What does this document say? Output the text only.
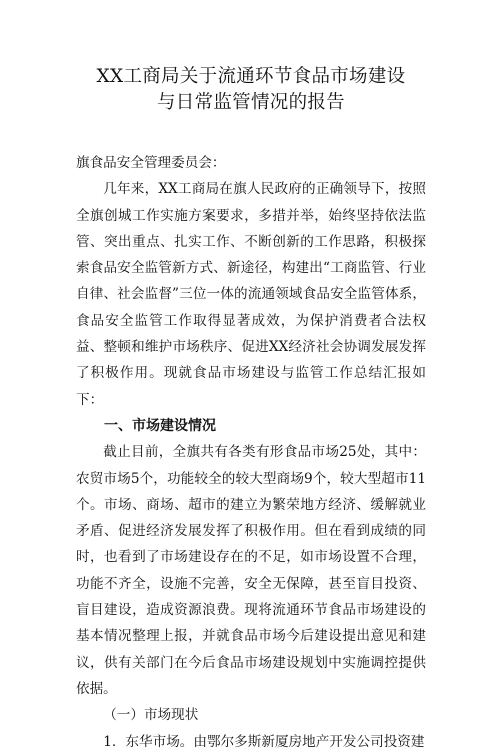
XX工商局关于流通环节食品市场建设
与日常监管情况的报告

旗食品安全管理委员会：

几年来，XX工商局在旗人民政府的正确领导下，按照全旗创城工作实施方案要求，多措并举，始终坚持依法监管、突出重点、扎实工作、不断创新的工作思路，积极探索食品安全监管新方式、新途径，构建出“工商监管、行业自律、社会监督”三位一体的流通领域食品安全监管体系，食品安全监管工作取得显著成效，为保护消费者合法权益、整顿和维护市场秩序、促进XX经济社会协调发展发挥了积极作用。现就食品市场建设与监管工作总结汇报如下：

一、市场建设情况

截止目前，全旗共有各类有形食品市场25处，其中：农贸市场5个，功能较全的较大型商场9个，较大型超市11个。市场、商场、超市的建立为繁荣地方经济、缓解就业矛盾、促进经济发展发挥了积极作用。但在看到成绩的同时，也看到了市场建设存在的不足，如市场设置不合理，功能不齐全，设施不完善，安全无保障，甚至盲目投资、盲目建设，造成资源浪费。现将流通环节食品市场建设的基本情况整理上报，并就食品市场今后建设提出意见和建议，供有关部门在今后食品市场建设规划中实施调控提供依据。

（一）市场现状

1．东华市场。由鄂尔多斯新厦房地产开发公司投资建
